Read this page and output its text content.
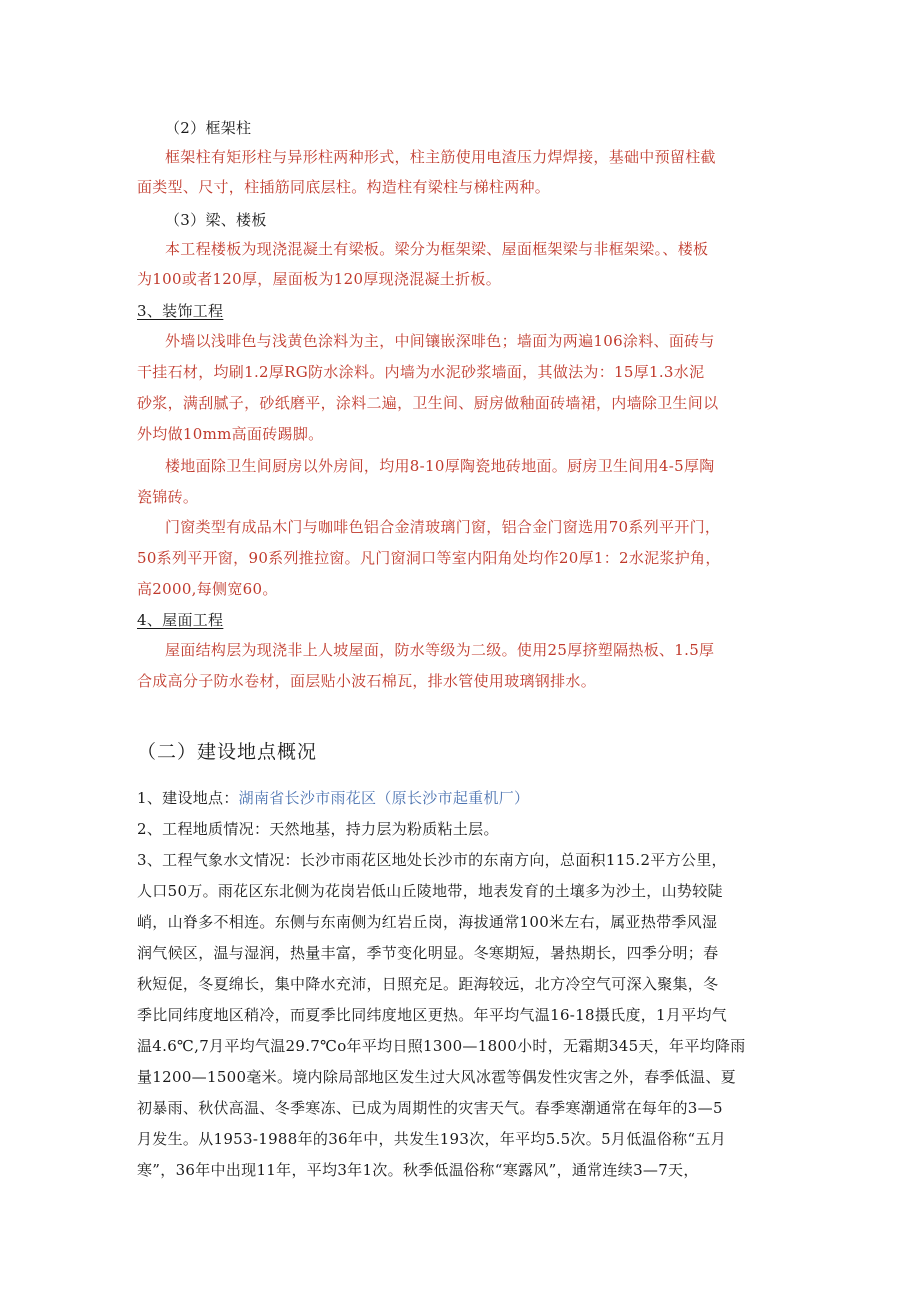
（2）框架柱

框架柱有矩形柱与异形柱两种形式，柱主筋使用电渣压力焊焊接，基础中预留柱截

面类型、尺寸，柱插筋同底层柱。构造柱有梁柱与梯柱两种。

（3）梁、楼板

本工程楼板为现浇混凝土有梁板。梁分为框架梁、屋面框架梁与非框架梁。、楼板

为100或者120厚，屋面板为120厚现浇混凝土折板。

3、装饰工程

外墙以浅啡色与浅黄色涂料为主，中间镶嵌深啡色；墙面为两遍106涂料、面砖与

干挂石材，均刷1.2厚RG防水涂料。内墙为水泥砂浆墙面，其做法为：15厚1.3水泥

砂浆，满刮腻子，砂纸磨平，涂料二遍，卫生间、厨房做釉面砖墙裙，内墙除卫生间以

外均做10mm高面砖踢脚。

楼地面除卫生间厨房以外房间，均用8-10厚陶瓷地砖地面。厨房卫生间用4-5厚陶

瓷锦砖。

门窗类型有成品木门与咖啡色铝合金清玻璃门窗，铝合金门窗选用70系列平开门，

50系列平开窗，90系列推拉窗。凡门窗洞口等室内阳角处均作20厚1：2水泥浆护角，

高2000,每侧宽60。

4、屋面工程

屋面结构层为现浇非上人坡屋面，防水等级为二级。使用25厚挤塑隔热板、1.5厚

合成高分子防水卷材，面层贴小波石棉瓦，排水管使用玻璃钢排水。

（二）建设地点概况

1、建设地点：湖南省长沙市雨花区（原长沙市起重机厂）

2、工程地质情况：天然地基，持力层为粉质粘土层。

3、工程气象水文情况：长沙市雨花区地处长沙市的东南方向，总面积115.2平方公里，

人口50万。雨花区东北侧为花岗岩低山丘陵地带，地表发育的土壤多为沙土，山势较陡

峭，山脊多不相连。东侧与东南侧为红岩丘岗，海拔通常100米左右，属亚热带季风湿

润气候区，温与湿润，热量丰富，季节变化明显。冬寒期短，暑热期长，四季分明；春

秋短促，冬夏绵长，集中降水充沛，日照充足。距海较远，北方冷空气可深入聚集，冬

季比同纬度地区稍冷，而夏季比同纬度地区更热。年平均气温16-18摄氏度，1月平均气

温4.6℃,7月平均气温29.7℃o年平均日照1300—1800小时，无霜期345天，年平均降雨

量1200—1500毫米。境内除局部地区发生过大风冰雹等偶发性灾害之外，春季低温、夏

初暴雨、秋伏高温、冬季寒冻、已成为周期性的灾害天气。春季寒潮通常在每年的3—5

月发生。从1953-1988年的36年中，共发生193次，年平均5.5次。5月低温俗称“五月

寒”，36年中出现11年，平均3年1次。秋季低温俗称“寒露风”，通常连续3—7天，
